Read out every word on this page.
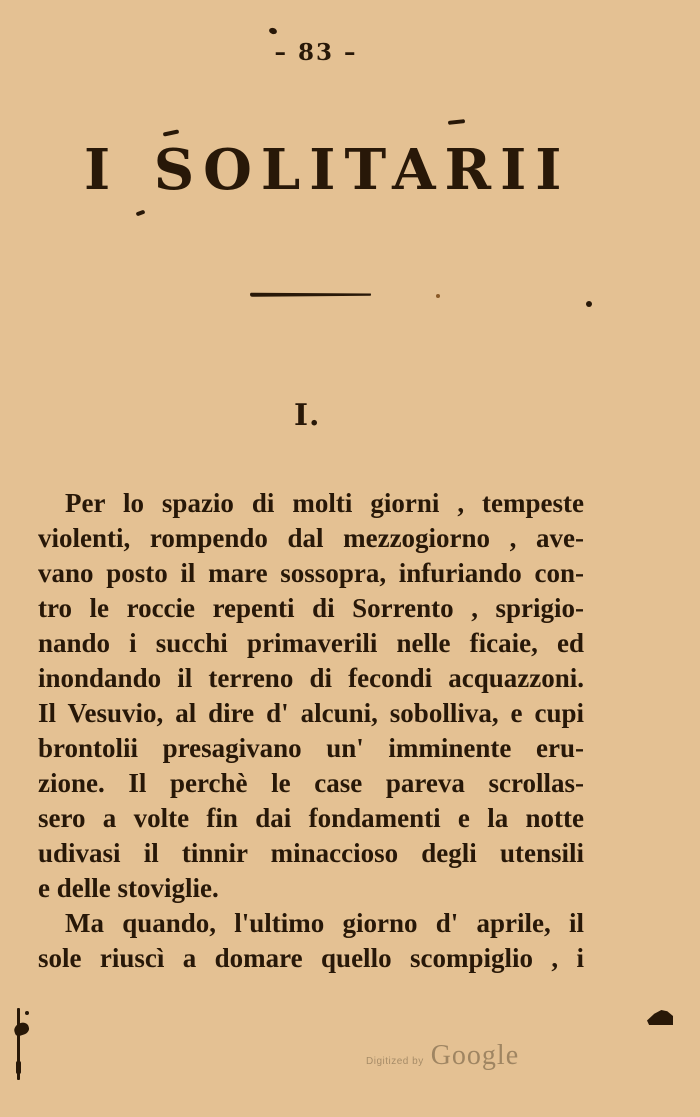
– 83 –
I SOLITARII
I.
Per lo spazio di molti giorni , tempeste
violenti, rompendo dal mezzogiorno , ave-
vano posto il mare sossopra, infuriando con-
tro le roccie repenti di Sorrento , sprigio-
nando i succhi primaverili nelle ficaie, ed
inondando il terreno di fecondi acquazzoni.
Il Vesuvio, al dire d' alcuni, sobolliva, e cupi
brontolii presagivano un' imminente eru-
zione. Il perchè le case pareva scrollas-
sero a volte fin dai fondamenti e la notte
udivasi il tinnir minaccioso degli utensili
e delle stoviglie.
Ma quando, l'ultimo giorno d' aprile, il
sole riuscì a domare quello scompiglio , i
Digitized by Google
